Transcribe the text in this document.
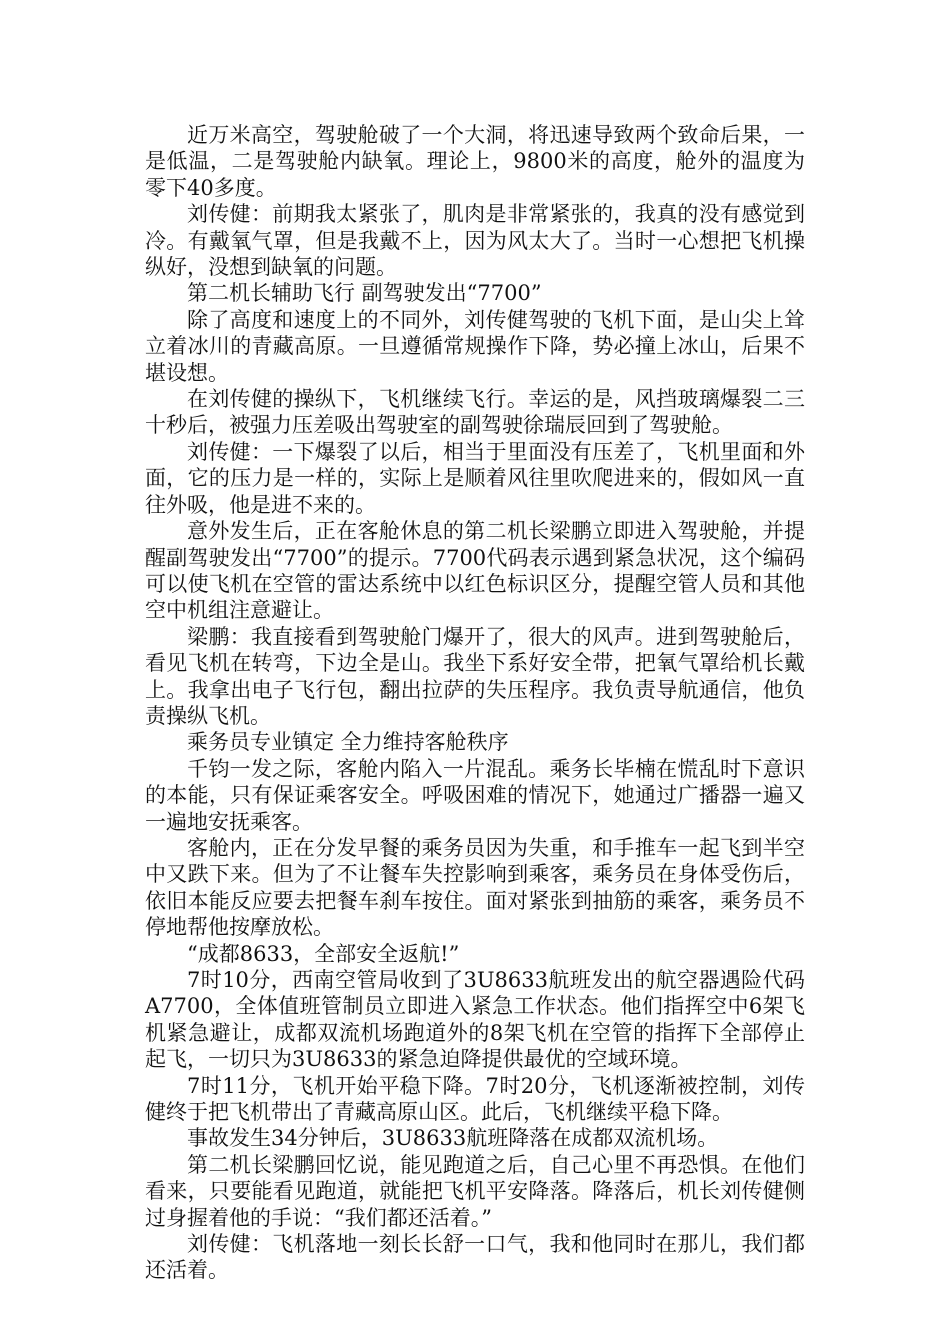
近万米高空，驾驶舱破了一个大洞，将迅速导致两个致命后果，一是低温，二是驾驶舱内缺氧。理论上，9800米的高度，舱外的温度为零下40多度。

刘传健：前期我太紧张了，肌肉是非常紧张的，我真的没有感觉到冷。有戴氧气罩，但是我戴不上，因为风太大了。当时一心想把飞机操纵好，没想到缺氧的问题。

第二机长辅助飞行 副驾驶发出“7700”

除了高度和速度上的不同外，刘传健驾驶的飞机下面，是山尖上耸立着冰川的青藏高原。一旦遵循常规操作下降，势必撞上冰山，后果不堪设想。

在刘传健的操纵下，飞机继续飞行。幸运的是，风挡玻璃爆裂二三十秒后，被强力压差吸出驾驶室的副驾驶徐瑞辰回到了驾驶舱。

刘传健：一下爆裂了以后，相当于里面没有压差了，飞机里面和外面，它的压力是一样的，实际上是顺着风往里吹爬进来的，假如风一直往外吸，他是进不来的。

意外发生后，正在客舱休息的第二机长梁鹏立即进入驾驶舱，并提醒副驾驶发出“7700”的提示。7700代码表示遇到紧急状况，这个编码可以使飞机在空管的雷达系统中以红色标识区分，提醒空管人员和其他空中机组注意避让。

梁鹏：我直接看到驾驶舱门爆开了，很大的风声。进到驾驶舱后，看见飞机在转弯，下边全是山。我坐下系好安全带，把氧气罩给机长戴上。我拿出电子飞行包，翻出拉萨的失压程序。我负责导航通信，他负责操纵飞机。

乘务员专业镇定 全力维持客舱秩序

千钧一发之际，客舱内陷入一片混乱。乘务长毕楠在慌乱时下意识的本能，只有保证乘客安全。呼吸困难的情况下，她通过广播器一遍又一遍地安抚乘客。

客舱内，正在分发早餐的乘务员因为失重，和手推车一起飞到半空中又跌下来。但为了不让餐车失控影响到乘客，乘务员在身体受伤后，依旧本能反应要去把餐车刹车按住。面对紧张到抽筋的乘客，乘务员不停地帮他按摩放松。

“成都8633，全部安全返航!”

7时10分，西南空管局收到了3U8633航班发出的航空器遇险代码A7700，全体值班管制员立即进入紧急工作状态。他们指挥空中6架飞机紧急避让，成都双流机场跑道外的8架飞机在空管的指挥下全部停止起飞，一切只为3U8633的紧急迫降提供最优的空域环境。

7时11分，飞机开始平稳下降。7时20分，飞机逐渐被控制，刘传健终于把飞机带出了青藏高原山区。此后，飞机继续平稳下降。

事故发生34分钟后，3U8633航班降落在成都双流机场。

第二机长梁鹏回忆说，能见跑道之后，自己心里不再恐惧。在他们看来，只要能看见跑道，就能把飞机平安降落。降落后，机长刘传健侧过身握着他的手说：“我们都还活着。”

刘传健：飞机落地一刻长长舒一口气，我和他同时在那儿，我们都还活着。
